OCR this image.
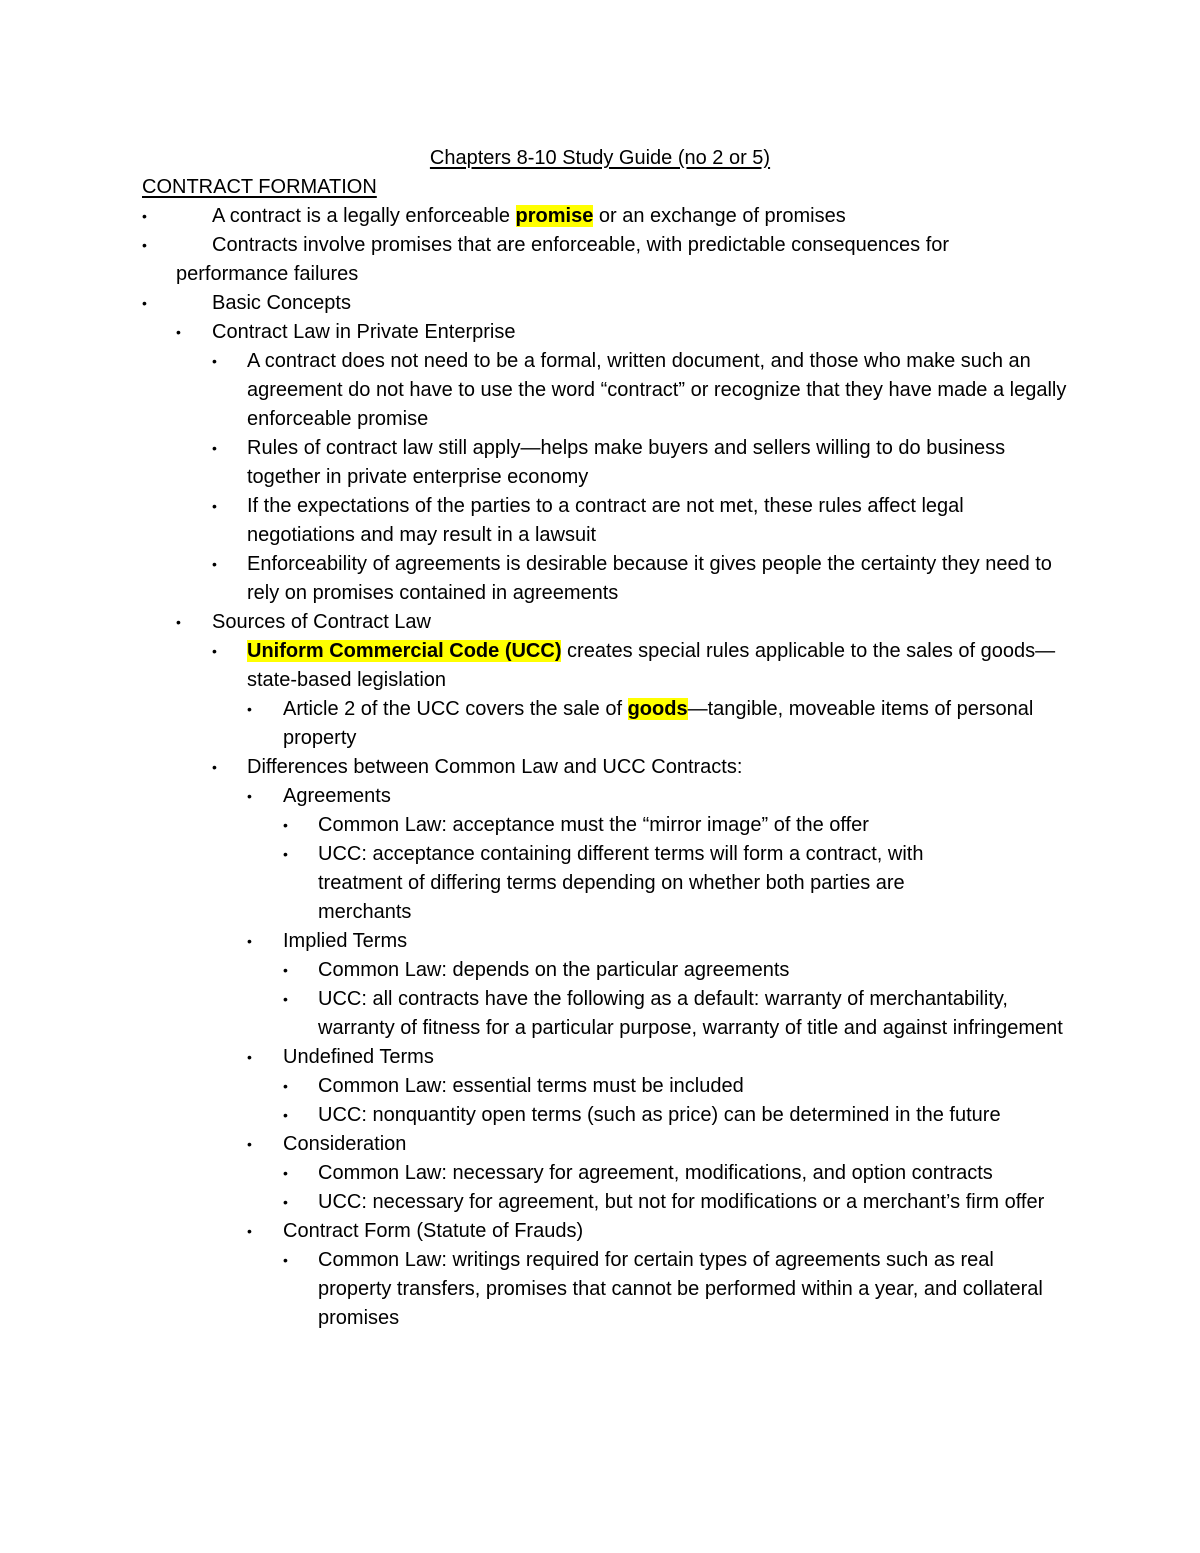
Chapters 8-10 Study Guide (no 2 or 5)
CONTRACT FORMATION
•	A contract is a legally enforceable promise or an exchange of promises
•	Contracts involve promises that are enforceable, with predictable consequences for
performance failures
•	Basic Concepts
• Contract Law in Private Enterprise
• A contract does not need to be a formal, written document, and those who make such an agreement do not have to use the word “contract” or recognize that they have made a legally enforceable promise
• Rules of contract law still apply—helps make buyers and sellers willing to do business together in private enterprise economy
• If the expectations of the parties to a contract are not met, these rules affect legal negotiations and may result in a lawsuit
• Enforceability of agreements is desirable because it gives people the certainty they need to rely on promises contained in agreements
• Sources of Contract Law
• Uniform Commercial Code (UCC) creates special rules applicable to the sales of goods—state-based legislation
• Article 2 of the UCC covers the sale of goods—tangible, moveable items of personal property
• Differences between Common Law and UCC Contracts:
• Agreements
• Common Law: acceptance must the “mirror image” of the offer
• UCC: acceptance containing different terms will form a contract, with treatment of differing terms depending on whether both parties are merchants
• Implied Terms
• Common Law: depends on the particular agreements
• UCC: all contracts have the following as a default: warranty of merchantability, warranty of fitness for a particular purpose, warranty of title and against infringement
• Undefined Terms
• Common Law: essential terms must be included
• UCC: nonquantity open terms (such as price) can be determined in the future
• Consideration
• Common Law: necessary for agreement, modifications, and option contracts
• UCC: necessary for agreement, but not for modifications or a merchant’s firm offer
• Contract Form (Statute of Frauds)
• Common Law: writings required for certain types of agreements such as real property transfers, promises that cannot be performed within a year, and collateral promises
